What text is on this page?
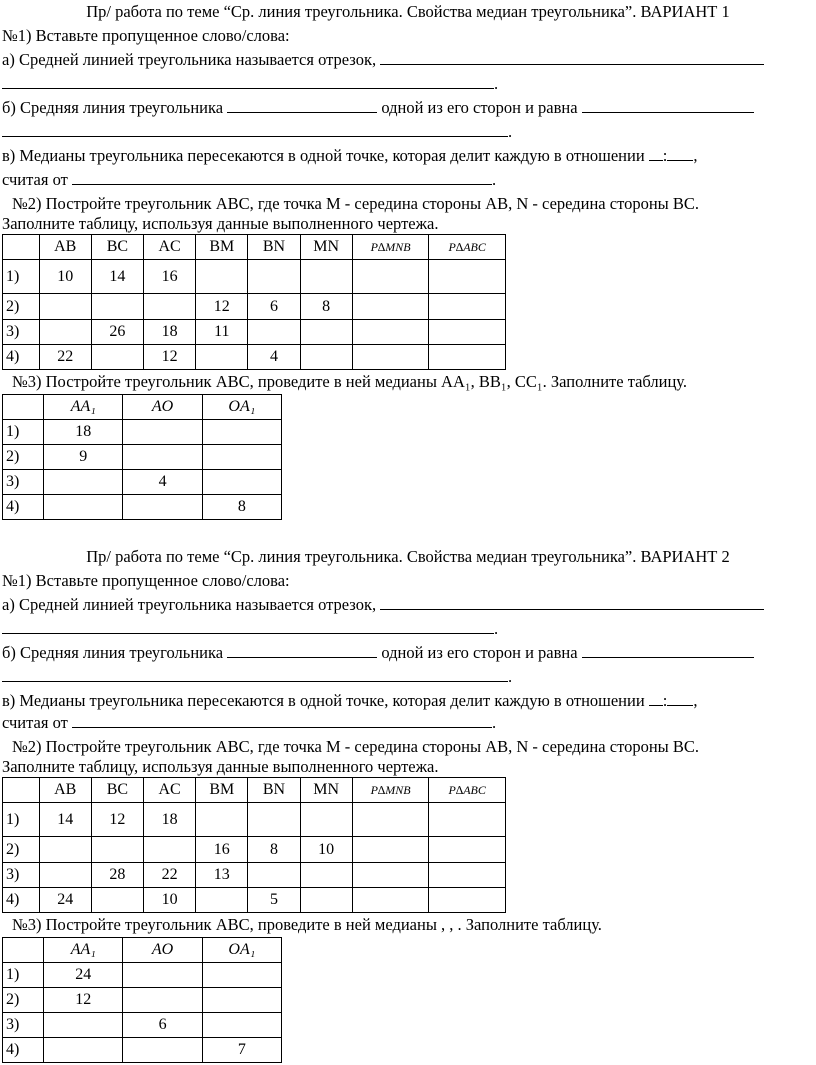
Пр/ работа по теме “Ср. линия треугольника. Свойства медиан треугольника”. ВАРИАНТ 1
№1) Вставьте пропущенное слово/слова:
а) Средней линией треугольника называется отрезок,
.
б) Средняя линия треугольника	одной из его сторон и равна
.
в) Медианы треугольника пересекаются в одной точке, которая делит каждую в отношении : ,
считая от	.
№2) Постройте треугольник ABC, где точка M - середина стороны AB, N - середина стороны BC.
Заполните таблицу, используя данные выполненного чертежа.
	AB	BC	AC	BM	BN	MN	P∆MNB	P∆ABC
1)	10	14	16					
2)				12	6	8		
3)		26	18	11				
4)	22		12		4			
№3) Постройте треугольник ABC, проведите в ней медианы AA₁, BB₁, CC₁. Заполните таблицу.
	AA₁	AO	OA₁
1)	18		
2)	9		
3)		4	
4)			8
Пр/ работа по теме “Ср. линия треугольника. Свойства медиан треугольника”. ВАРИАНТ 2
№1) Вставьте пропущенное слово/слова:
а) Средней линией треугольника называется отрезок,
.
б) Средняя линия треугольника	одной из его сторон и равна
.
в) Медианы треугольника пересекаются в одной точке, которая делит каждую в отношении : ,
считая от	.
№2) Постройте треугольник ABC, где точка M - середина стороны AB, N - середина стороны BC.
Заполните таблицу, используя данные выполненного чертежа.
	AB	BC	AC	BM	BN	MN	P∆MNB	P∆ABC
1)	14	12	18					
2)				16	8	10		
3)		28	22	13				
4)	24		10		5			
№3) Постройте треугольник ABC, проведите в ней медианы , , . Заполните таблицу.
	AA₁	AO	OA₁
1)	24		
2)	12		
3)		6	
4)			7
